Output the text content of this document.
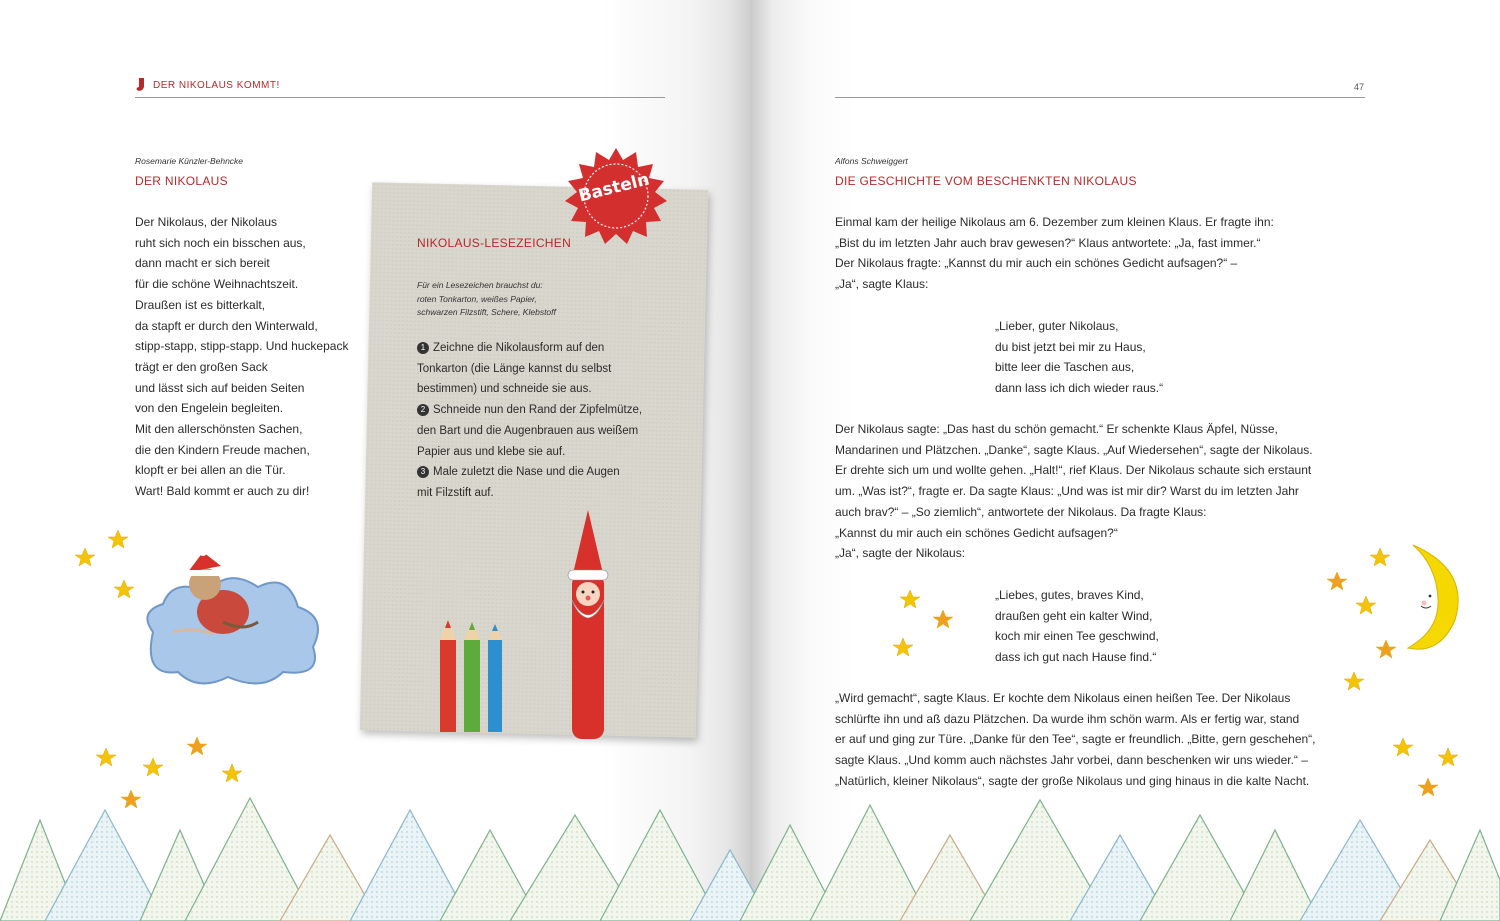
DER NIKOLAUS KOMMT!	47
Rosemarie Künzler-Behncke
DER NIKOLAUS
Der Nikolaus, der Nikolaus
ruht sich noch ein bisschen aus,
dann macht er sich bereit
für die schöne Weihnachtszeit.
Draußen ist es bitterkalt,
da stapft er durch den Winterwald,
stipp-stapp, stipp-stapp. Und huckepack
trägt er den großen Sack
und lässt sich auf beiden Seiten
von den Engelein begleiten.
Mit den allerschönsten Sachen,
die den Kindern Freude machen,
klopft er bei allen an die Tür.
Wart! Bald kommt er auch zu dir!
Basteln
NIKOLAUS-LESEZEICHEN
Für ein Lesezeichen brauchst du:
roten Tonkarton, weißes Papier,
schwarzen Filzstift, Schere, Klebstoff
1 Zeichne die Nikolausform auf den
Tonkarton (die Länge kannst du selbst
bestimmen) und schneide sie aus.
2 Schneide nun den Rand der Zipfelmütze,
den Bart und die Augenbrauen aus weißem
Papier aus und klebe sie auf.
3 Male zuletzt die Nase und die Augen
mit Filzstift auf.
Alfons Schweiggert
DIE GESCHICHTE VOM BESCHENKTEN NIKOLAUS
Einmal kam der heilige Nikolaus am 6. Dezember zum kleinen Klaus. Er fragte ihn:
„Bist du im letzten Jahr auch brav gewesen?“ Klaus antwortete: „Ja, fast immer.“
Der Nikolaus fragte: „Kannst du mir auch ein schönes Gedicht aufsagen?“ –
„Ja“, sagte Klaus:
„Lieber, guter Nikolaus,
du bist jetzt bei mir zu Haus,
bitte leer die Taschen aus,
dann lass ich dich wieder raus.“
Der Nikolaus sagte: „Das hast du schön gemacht.“ Er schenkte Klaus Äpfel, Nüsse,
Mandarinen und Plätzchen. „Danke“, sagte Klaus. „Auf Wiedersehen“, sagte der Nikolaus.
Er drehte sich um und wollte gehen. „Halt!“, rief Klaus. Der Nikolaus schaute sich erstaunt
um. „Was ist?“, fragte er. Da sagte Klaus: „Und was ist mir dir? Warst du im letzten Jahr
auch brav?“ – „So ziemlich“, antwortete der Nikolaus. Da fragte Klaus:
„Kannst du mir auch ein schönes Gedicht aufsagen?“
„Ja“, sagte der Nikolaus:
„Liebes, gutes, braves Kind,
draußen geht ein kalter Wind,
koch mir einen Tee geschwind,
dass ich gut nach Hause find.“
„Wird gemacht“, sagte Klaus. Er kochte dem Nikolaus einen heißen Tee. Der Nikolaus
schlürfte ihn und aß dazu Plätzchen. Da wurde ihm schön warm. Als er fertig war, stand
er auf und ging zur Türe. „Danke für den Tee“, sagte er freundlich. „Bitte, gern geschehen“,
sagte Klaus. „Und komm auch nächstes Jahr vorbei, dann beschenken wir uns wieder.“ –
„Natürlich, kleiner Nikolaus“, sagte der große Nikolaus und ging hinaus in die kalte Nacht.
